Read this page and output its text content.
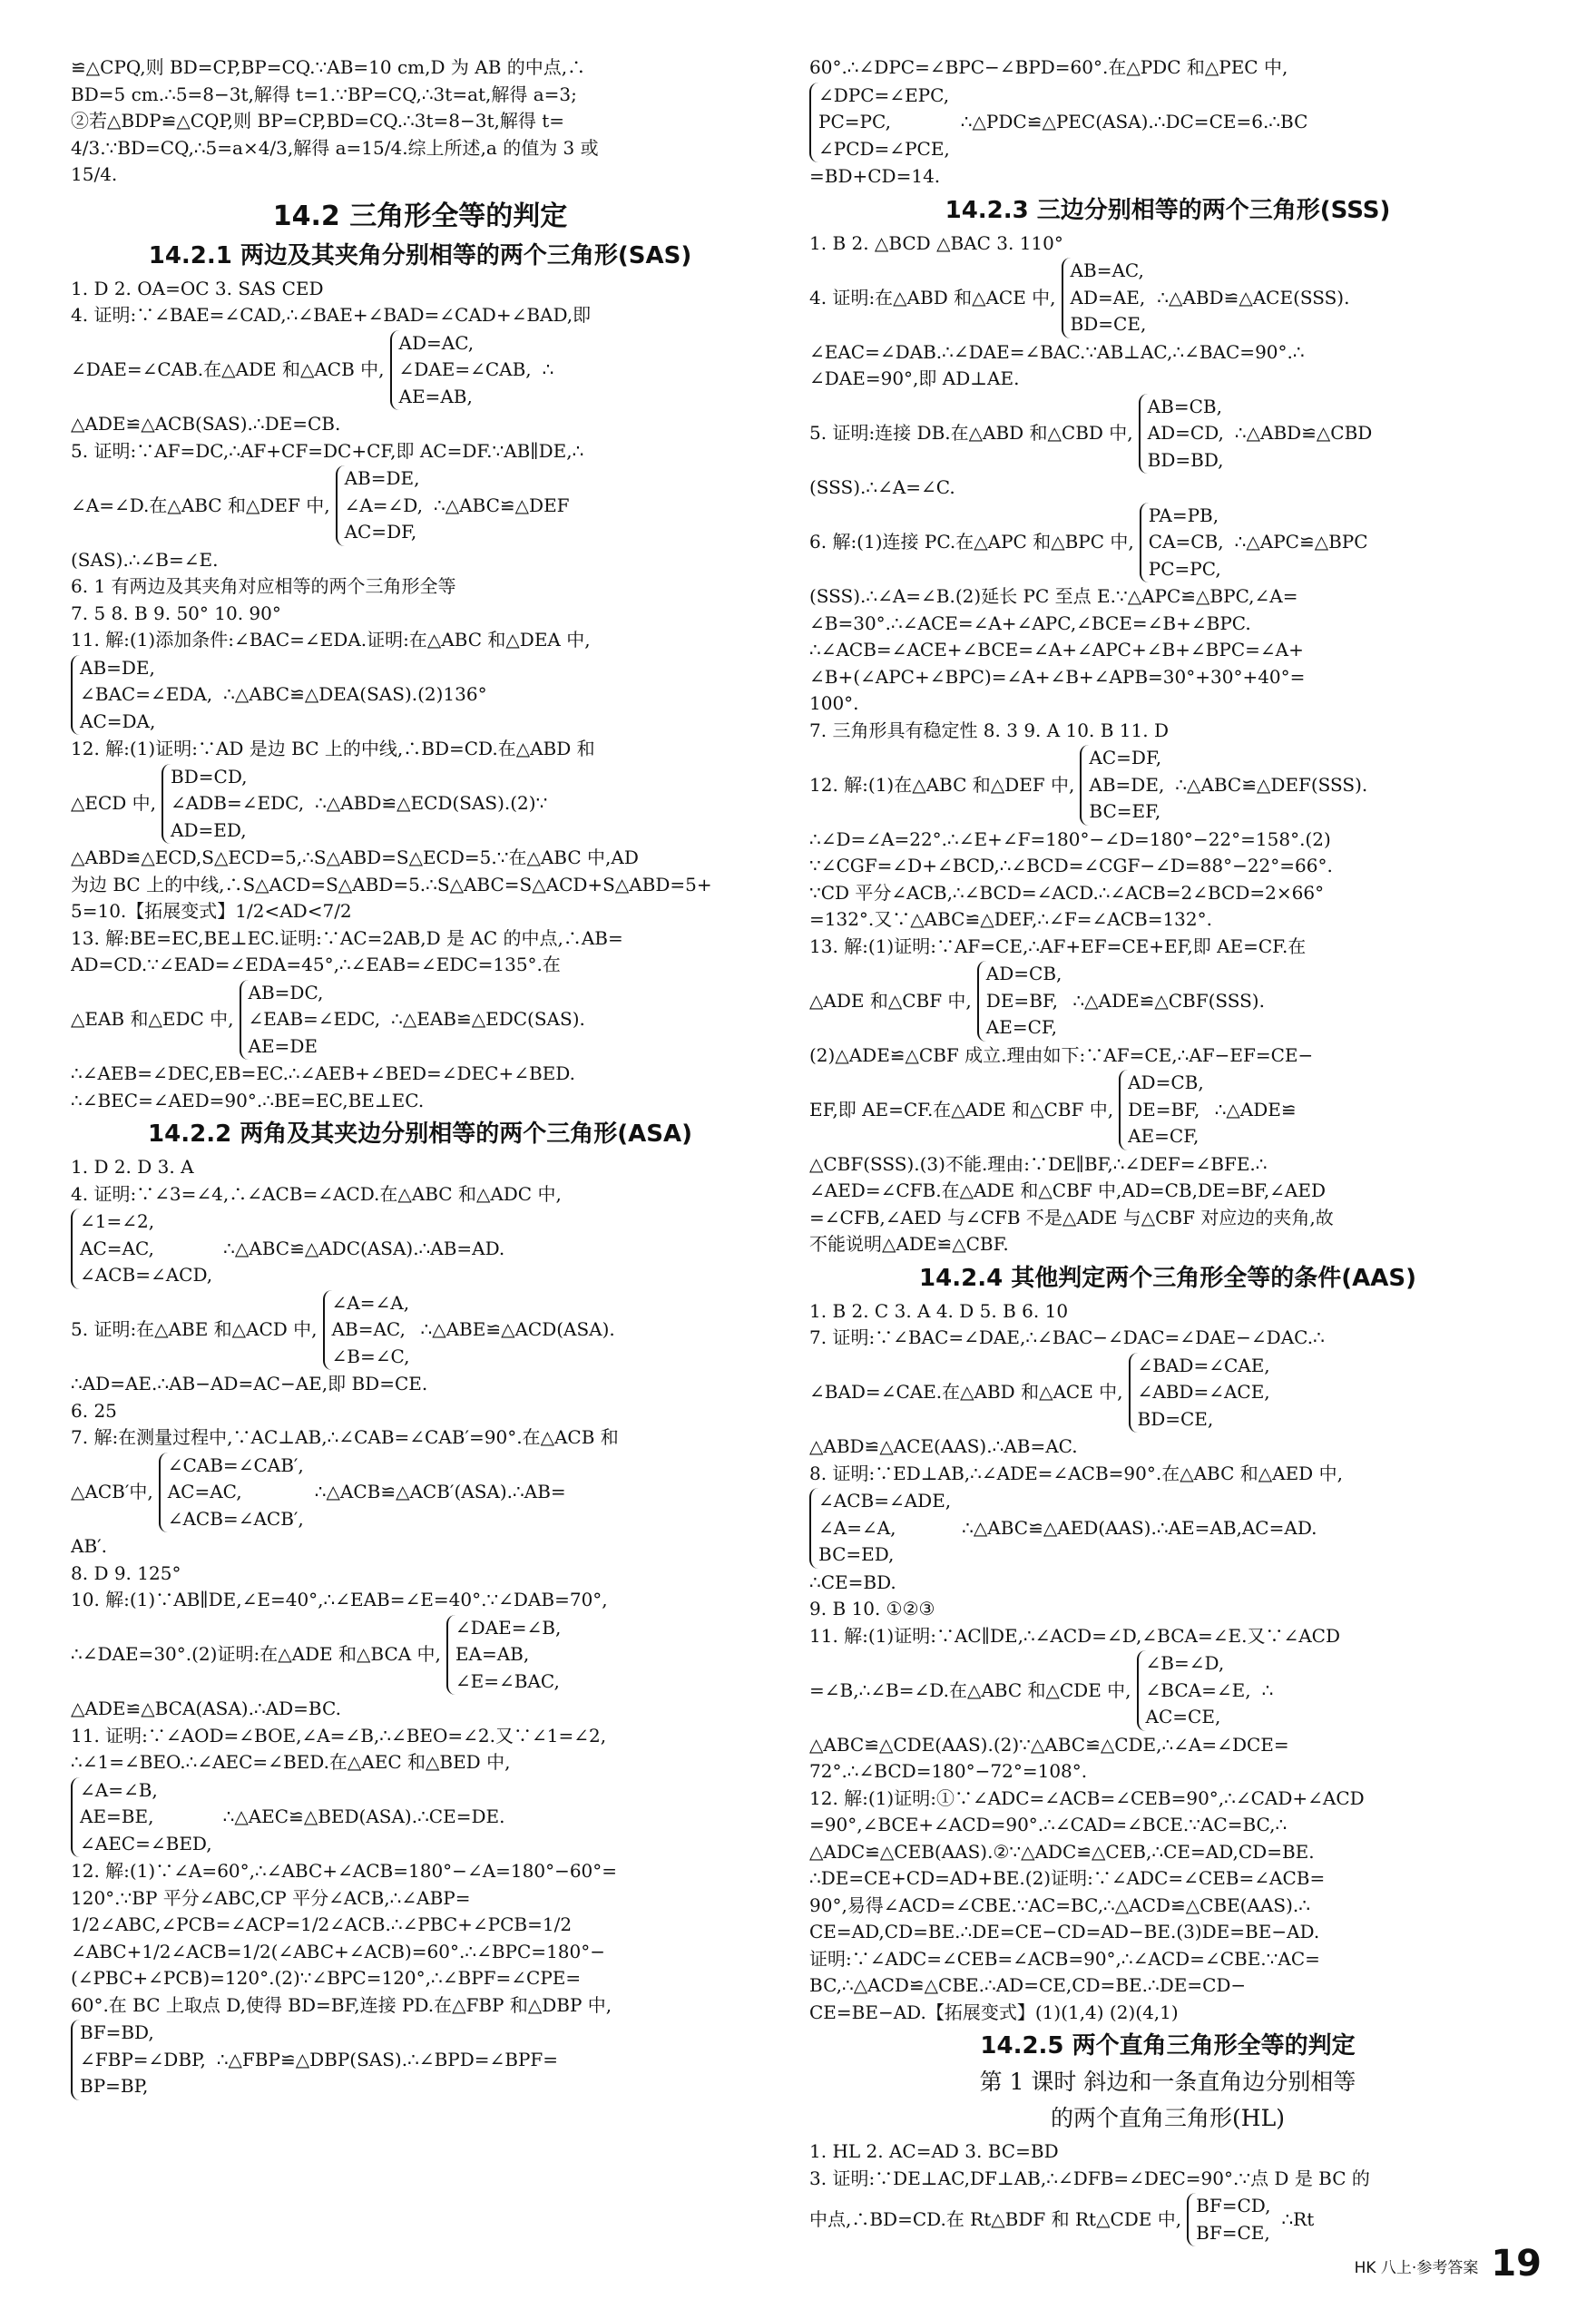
≌△CPQ,则 BD=CP,BP=CQ.∵AB=10 cm,D 为 AB 的中点,∴
BD=5 cm.∴5=8−3t,解得 t=1.∵BP=CQ,∴3t=at,解得 a=3;
②若△BDP≌△CQP,则 BP=CP,BD=CQ.∴3t=8−3t,解得 t=
4/3.∵BD=CQ,∴5=a×4/3,解得 a=15/4.综上所述,a 的值为 3 或
15/4.
14.2 三角形全等的判定
14.2.1 两边及其夹角分别相等的两个三角形(SAS)
1. D 2. OA=OC 3. SAS CED
4. 证明:∵∠BAE=∠CAD,∴∠BAE+∠BAD=∠CAD+∠BAD,即
∠DAE=∠CAB.在△ADE 和△ACB 中,
AD=AC,
∠DAE=∠CAB,
AE=AB,
∴
△ADE≌△ACB(SAS).∴DE=CB.
5. 证明:∵AF=DC,∴AF+CF=DC+CF,即 AC=DF.∵AB∥DE,∴
∠A=∠D.在△ABC 和△DEF 中,
AB=DE,
∠A=∠D,
AC=DF,
∴△ABC≌△DEF
(SAS).∴∠B=∠E.
6. 1 有两边及其夹角对应相等的两个三角形全等
7. 5 8. B 9. 50° 10. 90°
11. 解:(1)添加条件:∠BAC=∠EDA.证明:在△ABC 和△DEA 中,
AB=DE,
∠BAC=∠EDA,
AC=DA,
∴△ABC≌△DEA(SAS).(2)136°
12. 解:(1)证明:∵AD 是边 BC 上的中线,∴BD=CD.在△ABD 和
△ECD 中,
BD=CD,
∠ADB=∠EDC,
AD=ED,
∴△ABD≌△ECD(SAS).(2)∵
△ABD≌△ECD,S△ECD=5,∴S△ABD=S△ECD=5.∵在△ABC 中,AD
为边 BC 上的中线,∴S△ACD=S△ABD=5.∴S△ABC=S△ACD+S△ABD=5+
5=10.【拓展变式】1/2<AD<7/2
13. 解:BE=EC,BE⊥EC.证明:∵AC=2AB,D 是 AC 的中点,∴AB=
AD=CD.∵∠EAD=∠EDA=45°,∴∠EAB=∠EDC=135°.在
△EAB 和△EDC 中,
AB=DC,
∠EAB=∠EDC,
AE=DE
∴△EAB≌△EDC(SAS).
∴∠AEB=∠DEC,EB=EC.∴∠AEB+∠BED=∠DEC+∠BED.
∴∠BEC=∠AED=90°.∴BE=EC,BE⊥EC.
14.2.2 两角及其夹边分别相等的两个三角形(ASA)
1. D 2. D 3. A
4. 证明:∵∠3=∠4,∴∠ACB=∠ACD.在△ABC 和△ADC 中,
∠1=∠2,
AC=AC,
∠ACB=∠ACD,
∴△ABC≌△ADC(ASA).∴AB=AD.
5. 证明:在△ABE 和△ACD 中,
∠A=∠A,
AB=AC,
∠B=∠C,
∴△ABE≌△ACD(ASA).
∴AD=AE.∴AB−AD=AC−AE,即 BD=CE.
6. 25
7. 解:在测量过程中,∵AC⊥AB,∴∠CAB=∠CAB′=90°.在△ACB 和
△ACB′中,
∠CAB=∠CAB′,
AC=AC,
∠ACB=∠ACB′,
∴△ACB≌△ACB′(ASA).∴AB=
AB′.
8. D 9. 125°
10. 解:(1)∵AB∥DE,∠E=40°,∴∠EAB=∠E=40°.∵∠DAB=70°,
∴∠DAE=30°.(2)证明:在△ADE 和△BCA 中,
∠DAE=∠B,
EA=AB,
∠E=∠BAC,
△ADE≌△BCA(ASA).∴AD=BC.
11. 证明:∵∠AOD=∠BOE,∠A=∠B,∴∠BEO=∠2.又∵∠1=∠2,
∴∠1=∠BEO.∴∠AEC=∠BED.在△AEC 和△BED 中,
∠A=∠B,
AE=BE,
∠AEC=∠BED,
∴△AEC≌△BED(ASA).∴CE=DE.
12. 解:(1)∵∠A=60°,∴∠ABC+∠ACB=180°−∠A=180°−60°=
120°.∵BP 平分∠ABC,CP 平分∠ACB,∴∠ABP=
1/2∠ABC,∠PCB=∠ACP=1/2∠ACB.∴∠PBC+∠PCB=1/2
∠ABC+1/2∠ACB=1/2(∠ABC+∠ACB)=60°.∴∠BPC=180°−
(∠PBC+∠PCB)=120°.(2)∵∠BPC=120°,∴∠BPF=∠CPE=
60°.在 BC 上取点 D,使得 BD=BF,连接 PD.在△FBP 和△DBP 中,
BF=BD,
∠FBP=∠DBP,
BP=BP,
∴△FBP≌△DBP(SAS).∴∠BPD=∠BPF=
60°.∴∠DPC=∠BPC−∠BPD=60°.在△PDC 和△PEC 中,
∠DPC=∠EPC,
PC=PC,
∠PCD=∠PCE,
∴△PDC≌△PEC(ASA).∴DC=CE=6.∴BC
=BD+CD=14.
14.2.3 三边分别相等的两个三角形(SSS)
1. B 2. △BCD △BAC 3. 110°
4. 证明:在△ABD 和△ACE 中,
AB=AC,
AD=AE,
BD=CE,
∴△ABD≌△ACE(SSS).
∠EAC=∠DAB.∴∠DAE=∠BAC.∵AB⊥AC,∴∠BAC=90°.∴
∠DAE=90°,即 AD⊥AE.
5. 证明:连接 DB.在△ABD 和△CBD 中,
AB=CB,
AD=CD,
BD=BD,
∴△ABD≌△CBD
(SSS).∴∠A=∠C.
6. 解:(1)连接 PC.在△APC 和△BPC 中,
PA=PB,
CA=CB,
PC=PC,
∴△APC≌△BPC
(SSS).∴∠A=∠B.(2)延长 PC 至点 E.∵△APC≌△BPC,∠A=
∠B=30°.∴∠ACE=∠A+∠APC,∠BCE=∠B+∠BPC.
∴∠ACB=∠ACE+∠BCE=∠A+∠APC+∠B+∠BPC=∠A+
∠B+(∠APC+∠BPC)=∠A+∠B+∠APB=30°+30°+40°=
100°.
7. 三角形具有稳定性 8. 3 9. A 10. B 11. D
12. 解:(1)在△ABC 和△DEF 中,
AC=DF,
AB=DE,
BC=EF,
∴△ABC≌△DEF(SSS).
∴∠D=∠A=22°.∴∠E+∠F=180°−∠D=180°−22°=158°.(2)
∵∠CGF=∠D+∠BCD,∴∠BCD=∠CGF−∠D=88°−22°=66°.
∵CD 平分∠ACB,∴∠BCD=∠ACD.∴∠ACB=2∠BCD=2×66°
=132°.又∵△ABC≌△DEF,∴∠F=∠ACB=132°.
13. 解:(1)证明:∵AF=CE,∴AF+EF=CE+EF,即 AE=CF.在
△ADE 和△CBF 中,
AD=CB,
DE=BF,
AE=CF,
∴△ADE≌△CBF(SSS).
(2)△ADE≌△CBF 成立.理由如下:∵AF=CE,∴AF−EF=CE−
EF,即 AE=CF.在△ADE 和△CBF 中,
AD=CB,
DE=BF,
AE=CF,
∴△ADE≌
△CBF(SSS).(3)不能.理由:∵DE∥BF,∴∠DEF=∠BFE.∴
∠AED=∠CFB.在△ADE 和△CBF 中,AD=CB,DE=BF,∠AED
=∠CFB,∠AED 与∠CFB 不是△ADE 与△CBF 对应边的夹角,故
不能说明△ADE≌△CBF.
14.2.4 其他判定两个三角形全等的条件(AAS)
1. B 2. C 3. A 4. D 5. B 6. 10
7. 证明:∵∠BAC=∠DAE,∴∠BAC−∠DAC=∠DAE−∠DAC.∴
∠BAD=∠CAE.在△ABD 和△ACE 中,
∠BAD=∠CAE,
∠ABD=∠ACE,
BD=CE,
△ABD≌△ACE(AAS).∴AB=AC.
8. 证明:∵ED⊥AB,∴∠ADE=∠ACB=90°.在△ABC 和△AED 中,
∠ACB=∠ADE,
∠A=∠A,
BC=ED,
∴△ABC≌△AED(AAS).∴AE=AB,AC=AD.
∴CE=BD.
9. B 10. ①②③
11. 解:(1)证明:∵AC∥DE,∴∠ACD=∠D,∠BCA=∠E.又∵∠ACD
=∠B,∴∠B=∠D.在△ABC 和△CDE 中,
∠B=∠D,
∠BCA=∠E,
AC=CE,
∴
△ABC≌△CDE(AAS).(2)∵△ABC≌△CDE,∴∠A=∠DCE=
72°.∴∠BCD=180°−72°=108°.
12. 解:(1)证明:①∵∠ADC=∠ACB=∠CEB=90°,∴∠CAD+∠ACD
=90°,∠BCE+∠ACD=90°.∴∠CAD=∠BCE.∵AC=BC,∴
△ADC≌△CEB(AAS).②∵△ADC≌△CEB,∴CE=AD,CD=BE.
∴DE=CE+CD=AD+BE.(2)证明:∵∠ADC=∠CEB=∠ACB=
90°,易得∠ACD=∠CBE.∵AC=BC,∴△ACD≌△CBE(AAS).∴
CE=AD,CD=BE.∴DE=CE−CD=AD−BE.(3)DE=BE−AD.
证明:∵∠ADC=∠CEB=∠ACB=90°,∴∠ACD=∠CBE.∵AC=
BC,∴△ACD≌△CBE.∴AD=CE,CD=BE.∴DE=CD−
CE=BE−AD.【拓展变式】(1)(1,4) (2)(4,1)
14.2.5 两个直角三角形全等的判定
第 1 课时 斜边和一条直角边分别相等
的两个直角三角形(HL)
1. HL 2. AC=AD 3. BC=BD
3. 证明:∵DE⊥AC,DF⊥AB,∴∠DFB=∠DEC=90°.∵点 D 是 BC 的
中点,∴BD=CD.在 Rt△BDF 和 Rt△CDE 中,
BF=CD,
BF=CE,
∴Rt
HK 八上·参考答案 19
